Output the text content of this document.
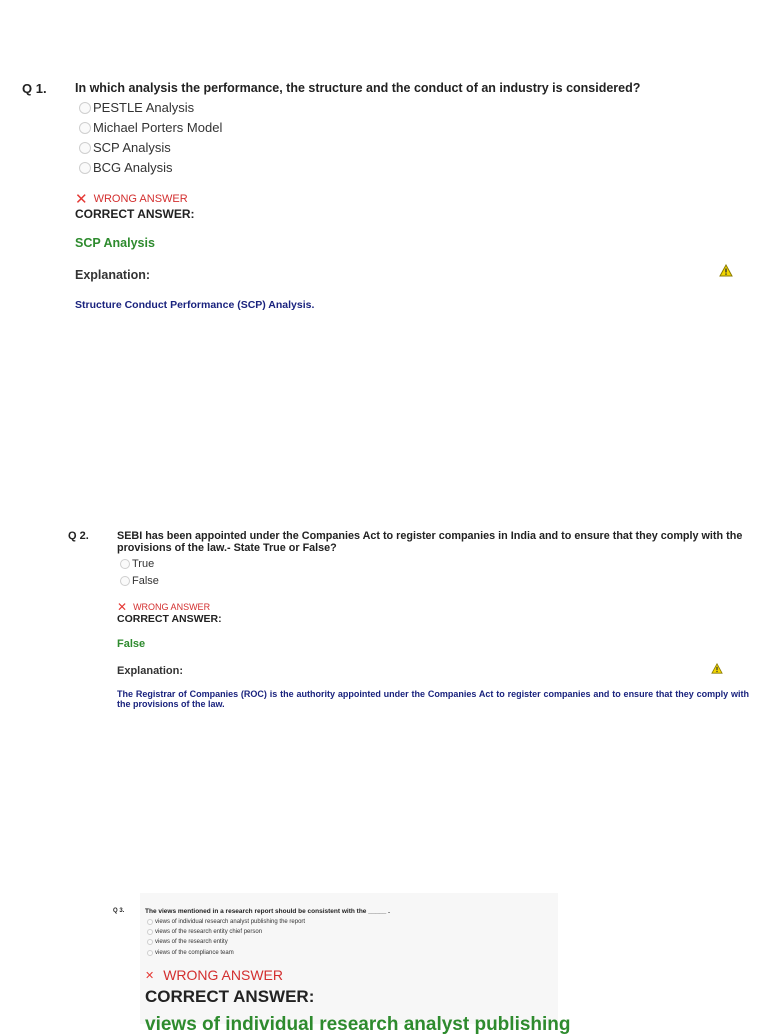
Q 1. In which analysis the performance, the structure and the conduct of an industry is considered?
PESTLE Analysis
Michael Porters Model
SCP Analysis
BCG Analysis
✕ WRONG ANSWER
CORRECT ANSWER:
SCP Analysis
Explanation:
Structure Conduct Performance (SCP) Analysis.
Q 2.	SEBI has been appointed under the Companies Act to register companies in India and to ensure that they comply with the provisions of the law.- State True or False?
True
False
✕ WRONG ANSWER
CORRECT ANSWER:
False
Explanation:
The Registrar of Companies (ROC) is the authority appointed under the Companies Act to register companies and to ensure that they comply with the provisions of the law.
Q 3.	The views mentioned in a research report should be consistent with the _____ .
views of individual research analyst publishing the report
views of the research entity chief person
views of the research entity
views of the compliance team
✕ WRONG ANSWER
CORRECT ANSWER:
views of individual research analyst publishing
